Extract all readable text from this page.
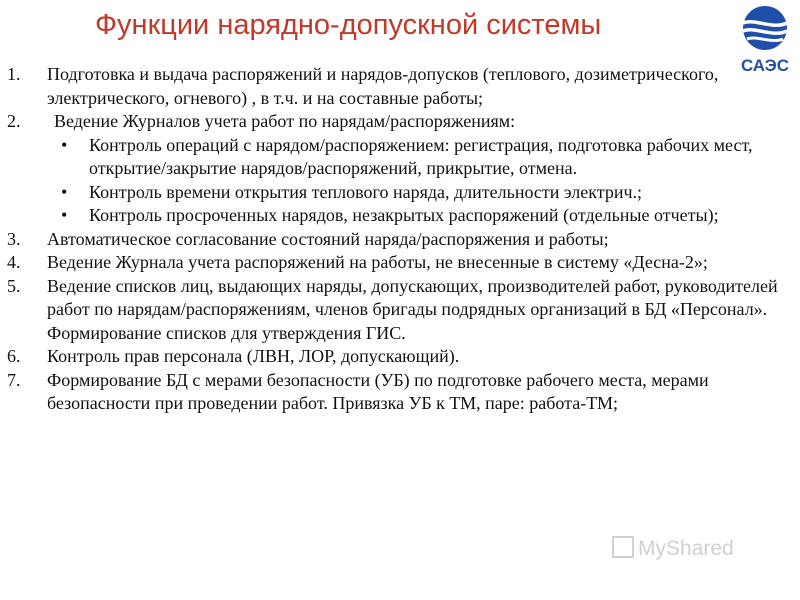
Функции нарядно-допускной системы
САЭС
1.	Подготовка и выдача распоряжений и нарядов-допусков (теплового, дозиметрического, электрического, огневого) , в т.ч. и на составные работы;
2.	Ведение Журналов учета работ по нарядам/распоряжениям:
•	Контроль операций с нарядом/распоряжением: регистрация, подготовка рабочих мест, открытие/закрытие нарядов/распоряжений, прикрытие, отмена.
•	Контроль времени открытия теплового наряда, длительности электрич.;
•	Контроль просроченных нарядов, незакрытых распоряжений (отдельные отчеты);
3.	Автоматическое согласование состояний наряда/распоряжения и работы;
4.	Ведение Журнала учета распоряжений на работы, не внесенные в систему «Десна-2»;
5.	Ведение списков лиц, выдающих наряды, допускающих, производителей работ, руководителей работ по нарядам/распоряжениям, членов бригады подрядных организаций в БД «Персонал». Формирование списков для утверждения ГИС.
6.	Контроль прав персонала (ЛВН, ЛОР, допускающий).
7.	Формирование БД с мерами безопасности (УБ) по подготовке рабочего места, мерами безопасности при проведении работ. Привязка УБ к ТМ, паре: работа-ТМ;
MyShared
